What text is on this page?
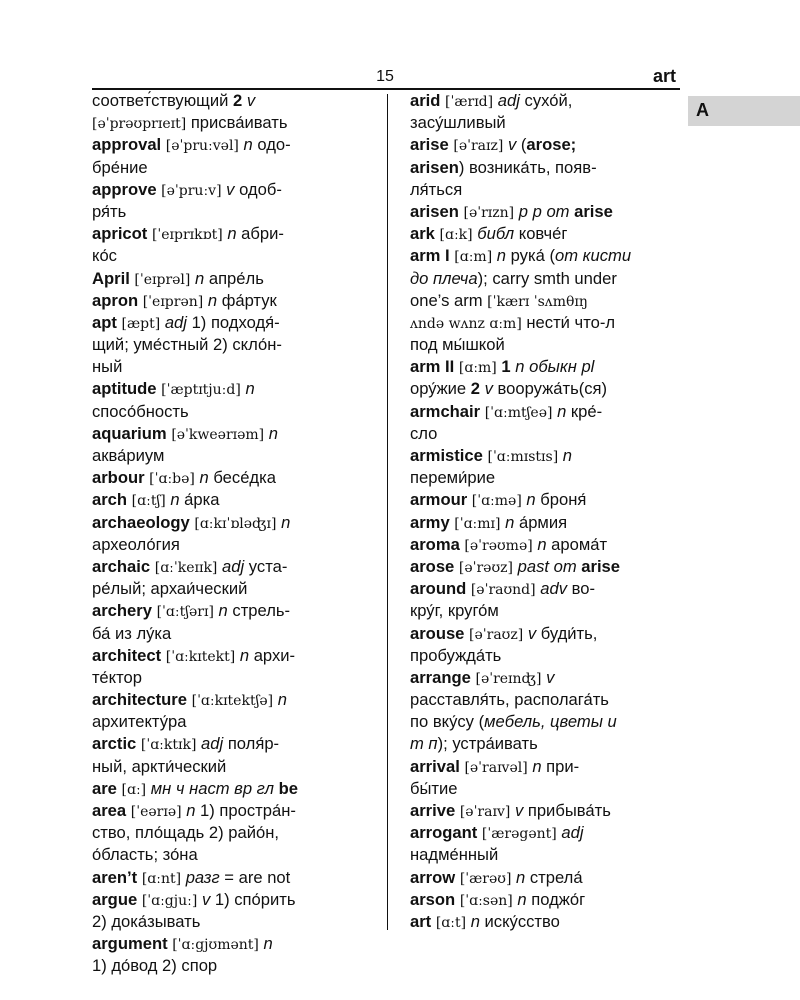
15	art
соответ́ствующий 2 v
[əˈprəʊprɪeɪt] присва́ивать
approval [əˈpruːvəl] n одо-
бре́ние
approve [əˈpruːv] v одоб-
ря́ть
apricot [ˈeɪprɪkɒt] n абри-
ко́с
April [ˈeɪprəl] n апре́ль
apron [ˈeɪprən] n фа́ртук
apt [æpt] adj 1) подходя́-
щий; уме́стный 2) скло́н-
ный
aptitude [ˈæptɪtjuːd] n
спосо́бность
aquarium [əˈkweərɪəm] n
аква́риум
arbour [ˈɑːbə] n бесе́дка
arch [ɑːtʃ] n а́рка
archaeology [ɑːkɪˈɒləʤɪ] n
археоло́гия
archaic [ɑːˈkeɪɪk] adj уста-
ре́лый; архаи́ческий
archery [ˈɑːtʃərɪ] n стрель-
ба́ из лу́ка
architect [ˈɑːkɪtekt] n архи-
те́ктор
architecture [ˈɑːkɪtektʃə] n
архитекту́ра
arctic [ˈɑːktɪk] adj поля́р-
ный, аркти́ческий
are [ɑː] мн ч наст вр гл be
area [ˈeərɪə] n 1) простра́н-
ство, пло́щадь 2) райо́н,
о́бласть; зо́на
aren’t [ɑːnt] разг = are not
argue [ˈɑːgjuː] v 1) спо́рить
2) дока́зывать
argument [ˈɑːgjʊmənt] n
1) до́вод 2) спор
arid [ˈærɪd] adj сухо́й,
засу́шливый
arise [əˈraɪz] v (arose;
arisen) возника́ть, появ-
ля́ться
arisen [əˈrɪzn] p p от arise
ark [ɑːk] библ ковче́г
arm I [ɑːm] n рука́ (от кисти
до плеча); carry smth under
one’s arm [ˈkærɪ ˈsʌmθɪŋ
ʌndə wʌnz ɑːm] нести́ что-л
под мы́шкой
arm II [ɑːm] 1 n обыкн pl
ору́жие 2 v вооружа́ть(ся)
armchair [ˈɑːmtʃeə] n кре́-
сло
armistice [ˈɑːmɪstɪs] n
переми́рие
armour [ˈɑːmə] n броня́
army [ˈɑːmɪ] n а́рмия
aroma [əˈrəʊmə] n арома́т
arose [əˈrəʊz] past от arise
around [əˈraʊnd] adv во-
кру́г, круго́м
arouse [əˈraʊz] v буди́ть,
пробужда́ть
arrange [əˈreɪnʤ] v
расставля́ть, располага́ть
по вку́су (мебель, цветы и
т п); устра́ивать
arrival [əˈraɪvəl] n при-
бы́тие
arrive [əˈraɪv] v прибыва́ть
arrogant [ˈærəgənt] adj
надме́нный
arrow [ˈærəʊ] n стрела́
arson [ˈɑːsən] n поджо́г
art [ɑːt] n иску́сство
A
